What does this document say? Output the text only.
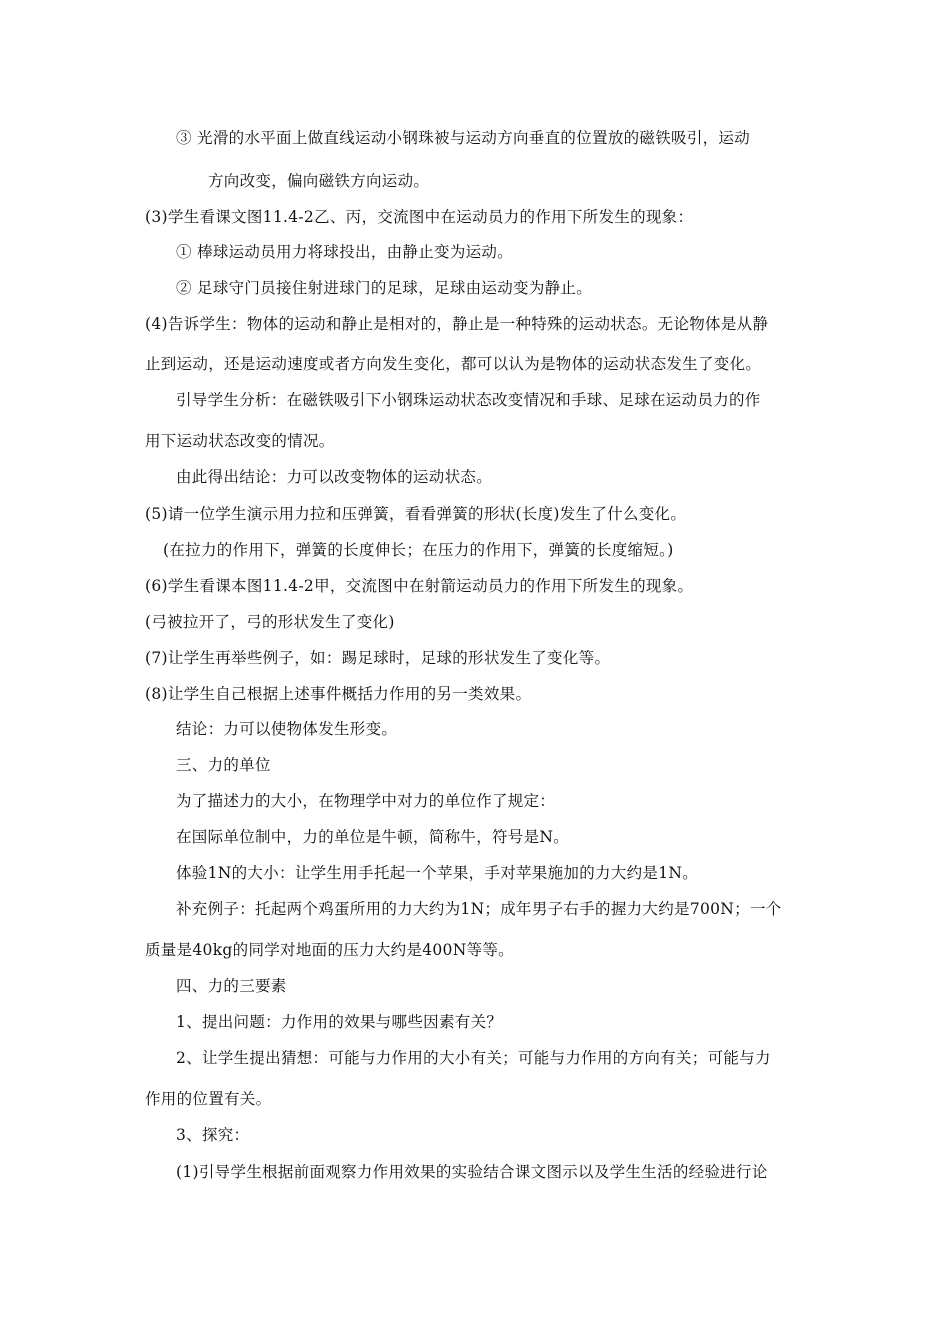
③ 光滑的水平面上做直线运动小钢珠被与运动方向垂直的位置放的磁铁吸引，运动
方向改变，偏向磁铁方向运动。
(3)学生看课文图11.4-2乙、丙，交流图中在运动员力的作用下所发生的现象：
① 棒球运动员用力将球投出，由静止变为运动。
② 足球守门员接住射进球门的足球，足球由运动变为静止。
(4)告诉学生：物体的运动和静止是相对的，静止是一种特殊的运动状态。无论物体是从静
止到运动，还是运动速度或者方向发生变化，都可以认为是物体的运动状态发生了变化。
引导学生分析：在磁铁吸引下小钢珠运动状态改变情况和手球、足球在运动员力的作
用下运动状态改变的情况。
由此得出结论：力可以改变物体的运动状态。
(5)请一位学生演示用力拉和压弹簧，看看弹簧的形状(长度)发生了什么变化。
(在拉力的作用下，弹簧的长度伸长；在压力的作用下，弹簧的长度缩短。)
(6)学生看课本图11.4-2甲，交流图中在射箭运动员力的作用下所发生的现象。
(弓被拉开了，弓的形状发生了变化)
(7)让学生再举些例子，如：踢足球时，足球的形状发生了变化等。
(8)让学生自己根据上述事件概括力作用的另一类效果。
结论：力可以使物体发生形变。
三、力的单位
为了描述力的大小，在物理学中对力的单位作了规定：
在国际单位制中，力的单位是牛顿，简称牛，符号是N。
体验1N的大小：让学生用手托起一个苹果，手对苹果施加的力大约是1N。
补充例子：托起两个鸡蛋所用的力大约为1N；成年男子右手的握力大约是700N；一个
质量是40kg的同学对地面的压力大约是400N等等。
四、力的三要素
1、提出问题：力作用的效果与哪些因素有关？
2、让学生提出猜想：可能与力作用的大小有关；可能与力作用的方向有关；可能与力
作用的位置有关。
3、探究：
(1)引导学生根据前面观察力作用效果的实验结合课文图示以及学生生活的经验进行论
